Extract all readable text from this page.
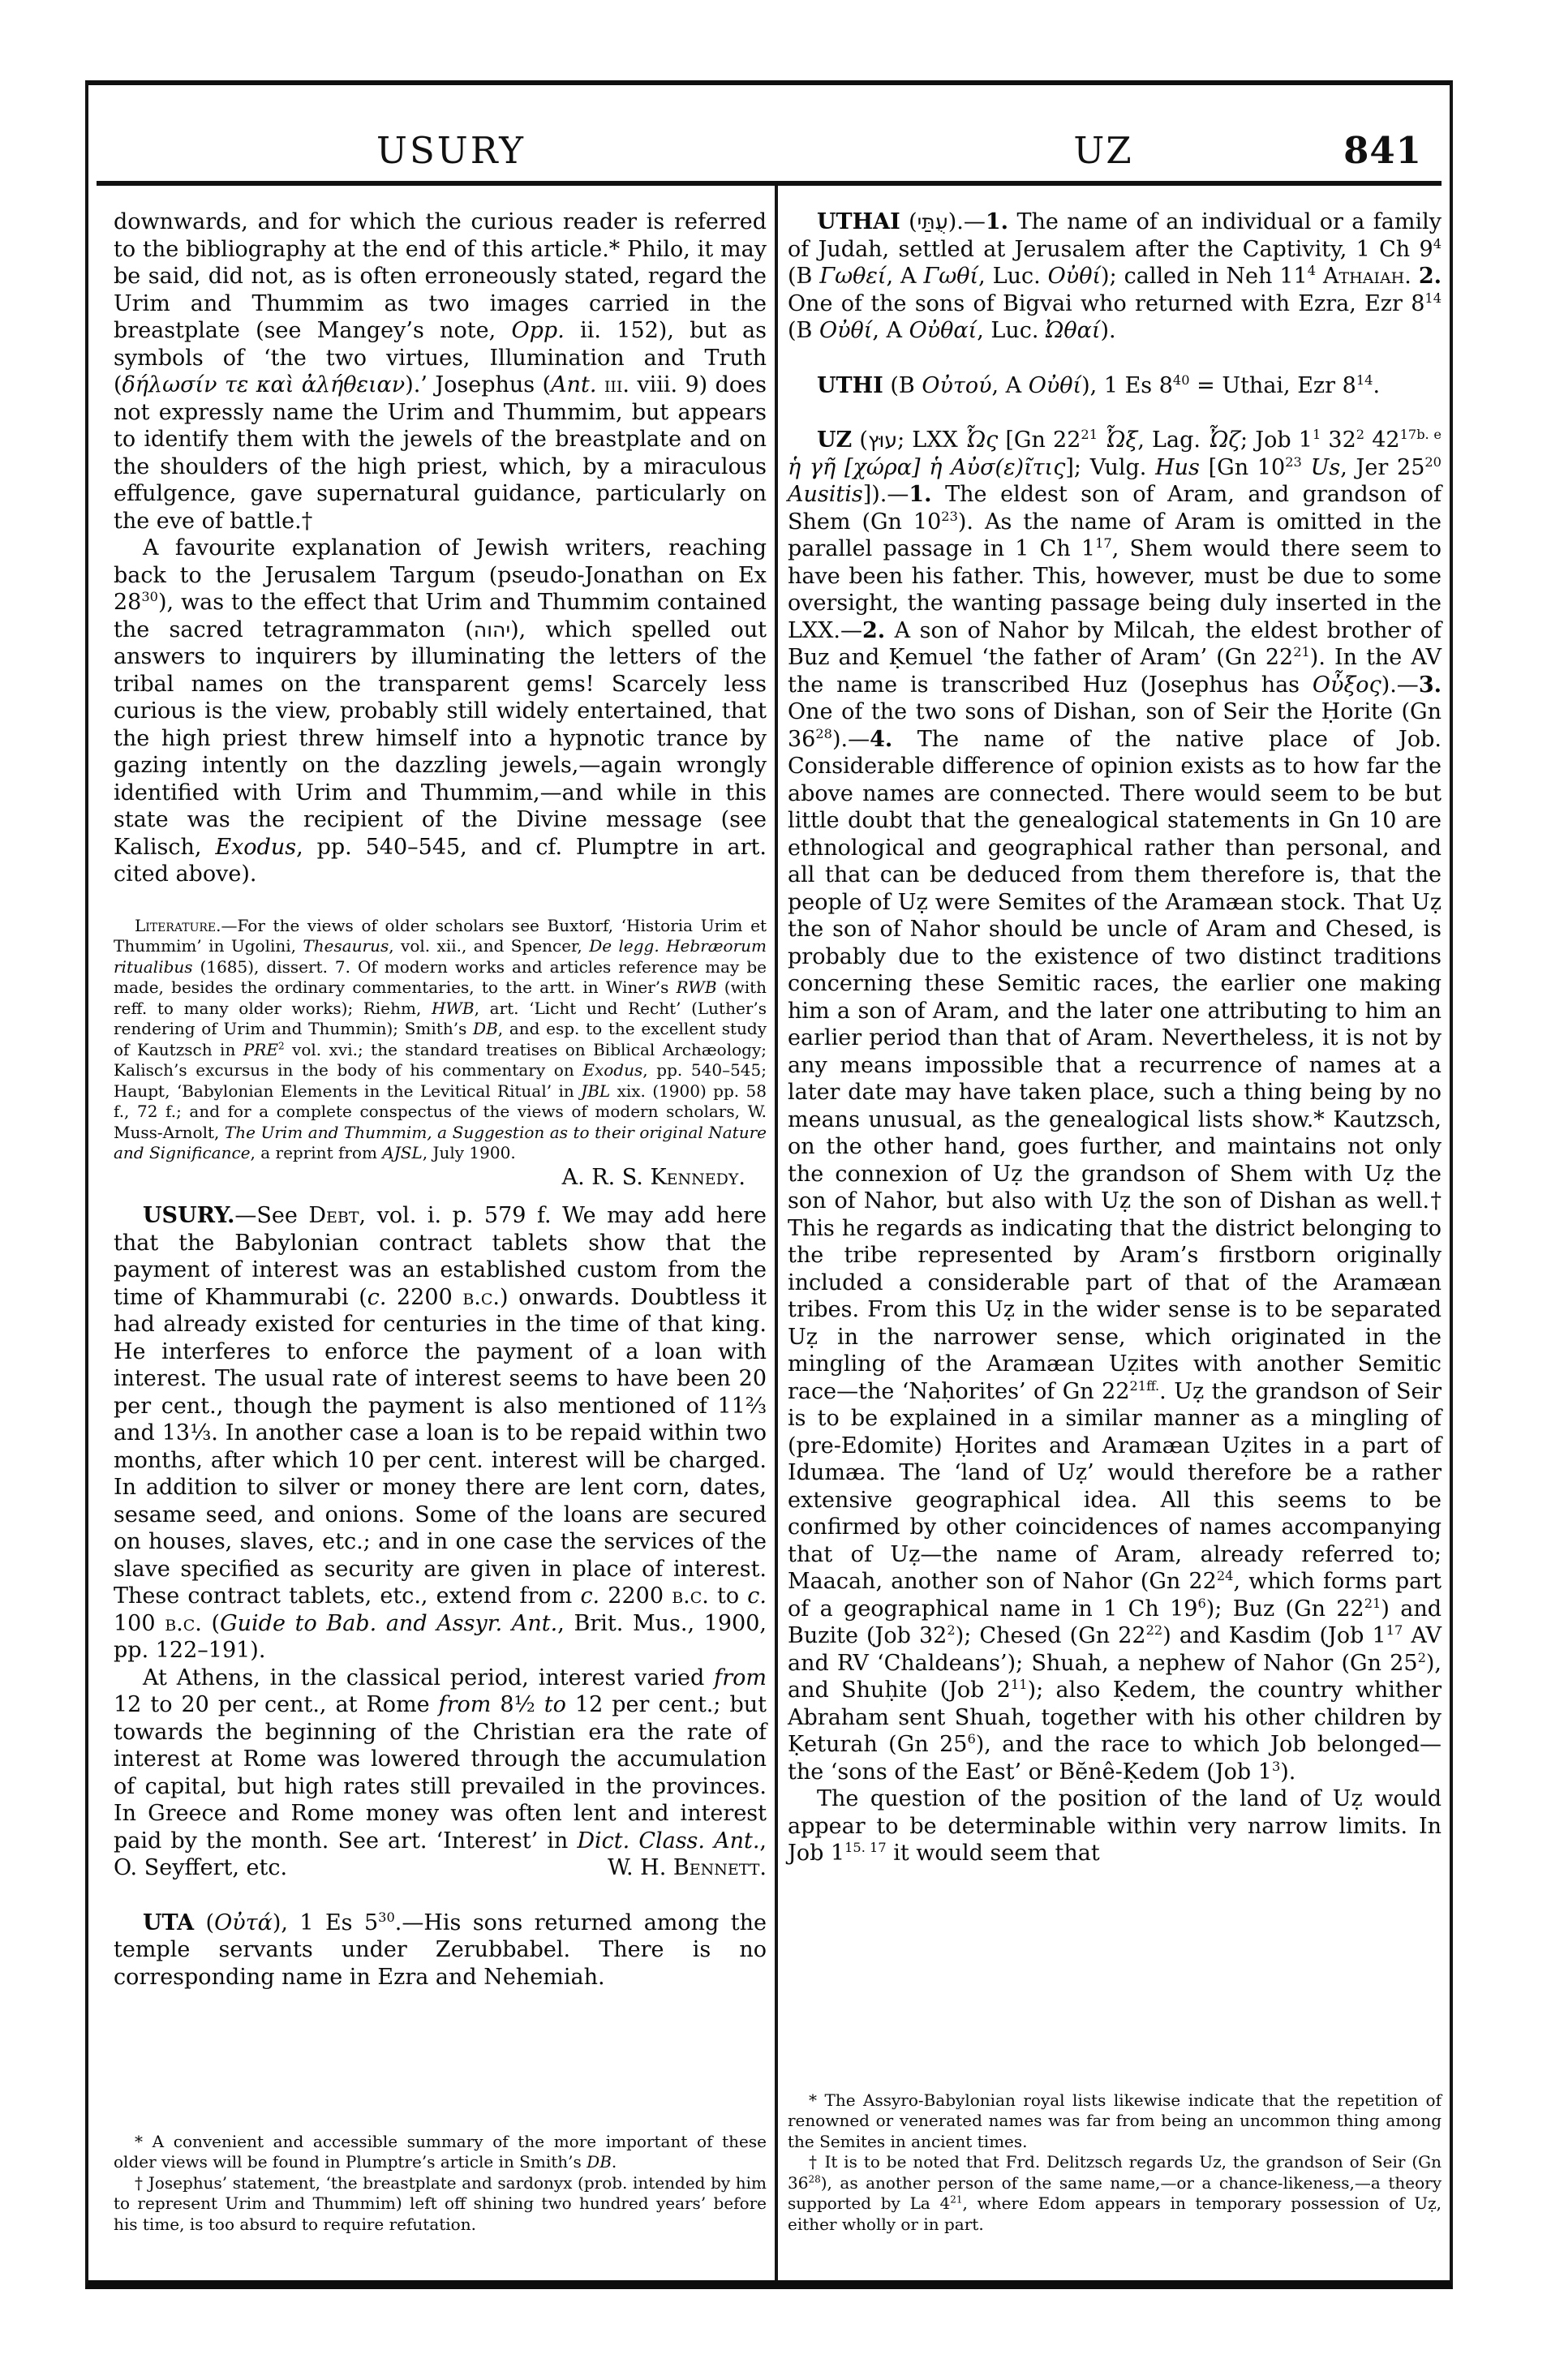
USURY	UZ	841

downwards, and for which the curious reader is referred to the bibliography at the end of this article.* Philo, it may be said, did not, as is often erroneously stated, regard the Urim and Thummim as two images carried in the breastplate (see Mangey’s note, Opp. ii. 152), but as symbols of ‘the two virtues, Illumination and Truth (δήλωσίν τε καὶ ἀλήθειαν).’ Josephus (Ant. iii. viii. 9) does not expressly name the Urim and Thummim, but appears to identify them with the jewels of the breastplate and on the shoulders of the high priest, which, by a miraculous effulgence, gave supernatural guidance, particularly on the eve of battle.†

A favourite explanation of Jewish writers, reaching back to the Jerusalem Targum (pseudo-Jonathan on Ex $28^{30}$), was to the effect that Urim and Thummim contained the sacred tetragrammaton (יהוה), which spelled out answers to inquirers by illuminating the letters of the tribal names on the transparent gems! Scarcely less curious is the view, probably still widely entertained, that the high priest threw himself into a hypnotic trance by gazing intently on the dazzling jewels,—again wrongly identified with Urim and Thummim,—and while in this state was the recipient of the Divine message (see Kalisch, Exodus, pp. 540–545, and cf. Plumptre in art. cited above).

Literature.—For the views of older scholars see Buxtorf, ‘Historia Urim et Thummim’ in Ugolini, Thesaurus, vol. xii., and Spencer, De legg. Hebræorum ritualibus (1685), dissert. 7. Of modern works and articles reference may be made, besides the ordinary commentaries, to the artt. in Winer’s RWB (with reff. to many older works); Riehm, HWB, art. ‘Licht und Recht’ (Luther’s rendering of Urim and Thummin); Smith’s DB, and esp. to the excellent study of Kautzsch in PRE$^2$ vol. xvi.; the standard treatises on Biblical Archæology; Kalisch’s excursus in the body of his commentary on Exodus, pp. 540–545; Haupt, ‘Babylonian Elements in the Levitical Ritual’ in JBL xix. (1900) pp. 58 f., 72 f.; and for a complete conspectus of the views of modern scholars, W. Muss-Arnolt, The Urim and Thummim, a Suggestion as to their original Nature and Significance, a reprint from AJSL, July 1900.

A. R. S. Kennedy.

USURY.—See Debt, vol. i. p. 579 f. We may add here that the Babylonian contract tablets show that the payment of interest was an established custom from the time of Khammurabi (c. 2200 b.c.) onwards. Doubtless it had already existed for centuries in the time of that king. He interferes to enforce the payment of a loan with interest. The usual rate of interest seems to have been 20 per cent., though the payment is also mentioned of 11⅔ and 13⅓. In another case a loan is to be repaid within two months, after which 10 per cent. interest will be charged. In addition to silver or money there are lent corn, dates, sesame seed, and onions. Some of the loans are secured on houses, slaves, etc.; and in one case the services of the slave specified as security are given in place of interest. These contract tablets, etc., extend from c. 2200 b.c. to c. 100 b.c. (Guide to Bab. and Assyr. Ant., Brit. Mus., 1900, pp. 122–191).

At Athens, in the classical period, interest varied from 12 to 20 per cent., at Rome from 8½ to 12 per cent.; but towards the beginning of the Christian era the rate of interest at Rome was lowered through the accumulation of capital, but high rates still prevailed in the provinces. In Greece and Rome money was often lent and interest paid by the month. See art. ‘Interest’ in Dict. Class. Ant., O. Seyffert, etc.	W. H. Bennett.

UTA (Οὐτά), 1 Es $5^{30}.—His$ sons returned among the temple servants under Zerubbabel. There is no corresponding name in Ezra and Nehemiah.

* A convenient and accessible summary of the more important of these older views will be found in Plumptre’s article in Smith’s DB.

† Josephus’ statement, ‘the breastplate and sardonyx (prob. intended by him to represent Urim and Thummim) left off shining two hundred years’ before his time, is too absurd to require refutation.

UTHAI (עֻתַּי).—1. The name of an individual or a family of Judah, settled at Jerusalem after the Captivity, 1 Ch $9^4$ (B Γωθεί, A Γωθί, Luc. Οὐθί); called in Neh $11^4$ Athaiah. 2. One of the sons of Bigvai who returned with Ezra, Ezr $8^{14}$ (B Οὐθί, A Οὐθαί, Luc. Ὠθαί).

UTHI (B Οὐτού, A Οὐθί), 1 Es $8^{40}$ = Uthai, Ezr $8^{14}$.

UZ (עוּץ; LXX Ὦς [Gn $22^{21}$ Ὦξ, Lag. Ὦζ; Job $1^1$ $32^2$ $42^{17b. e}$ ἡ γῆ [χώρα] ἡ Αὐσ(ε)ῖτις]; Vulg. Hus [Gn $10^{23}$ Us, Jer $25^{20}$ Ausitis]).—1. The eldest son of Aram, and grandson of Shem (Gn $10^{23}$). As the name of Aram is omitted in the parallel passage in 1 Ch $1^{17}$, Shem would there seem to have been his father. This, however, must be due to some oversight, the wanting passage being duly inserted in the LXX.—2. A son of Nahor by Milcah, the eldest brother of Buz and Ḳemuel ‘the father of Aram’ (Gn $22^{21}$). In the AV the name is transcribed Huz (Josephus has Οὖξος).—3. One of the two sons of Dishan, son of Seir the Ḥorite (Gn $36^{28}).—4$. The name of the native place of Job. Considerable difference of opinion exists as to how far the above names are connected. There would seem to be but little doubt that the genealogical statements in Gn 10 are ethnological and geographical rather than personal, and all that can be deduced from them therefore is, that the people of Uẓ were Semites of the Aramæan stock. That Uẓ the son of Nahor should be uncle of Aram and Chesed, is probably due to the existence of two distinct traditions concerning these Semitic races, the earlier one making him a son of Aram, and the later one attributing to him an earlier period than that of Aram. Nevertheless, it is not by any means impossible that a recurrence of names at a later date may have taken place, such a thing being by no means unusual, as the genealogical lists show.* Kautzsch, on the other hand, goes further, and maintains not only the connexion of Uẓ the grandson of Shem with Uẓ the son of Nahor, but also with Uẓ the son of Dishan as well.† This he regards as indicating that the district belonging to the tribe represented by Aram’s firstborn originally included a considerable part of that of the Aramæan tribes. From this Uẓ in the wider sense is to be separated Uẓ in the narrower sense, which originated in the mingling of the Aramæan Uẓites with another Semitic race—the ‘Naḥorites’ of Gn $22^{21ff.}$. Uẓ the grandson of Seir is to be explained in a similar manner as a mingling of (pre-Edomite) Ḥorites and Aramæan Uẓites in a part of Idumæa. The ‘land of Uẓ’ would therefore be a rather extensive geographical idea. All this seems to be confirmed by other coincidences of names accompanying that of Uẓ—the name of Aram, already referred to; Maacah, another son of Nahor (Gn $22^{24}$, which forms part of a geographical name in 1 Ch $19^6$); Buz (Gn $22^{21}$) and Buzite (Job $32^2$); Chesed (Gn $22^{22}$) and Kasdim (Job $1^{17}$ AV and RV ‘Chaldeans’); Shuah, a nephew of Nahor (Gn $25^2$), and Shuḥite (Job $2^{11}$); also Ḳedem, the country whither Abraham sent Shuah, together with his other children by Ḳeturah (Gn $25^6$), and the race to which Job belonged—the ‘sons of the East’ or Bĕnê-Ḳedem (Job $1^3$).

The question of the position of the land of Uẓ would appear to be determinable within very narrow limits. In Job $1^{15. 17}$ it would seem that

* The Assyro-Babylonian royal lists likewise indicate that the repetition of renowned or venerated names was far from being an uncommon thing among the Semites in ancient times.

† It is to be noted that Frd. Delitzsch regards Uz, the grandson of Seir (Gn $36^{28}$), as another person of the same name,—or a chance-likeness,—a theory supported by La $4^{21}$, where Edom appears in temporary possession of Uẓ, either wholly or in part.
